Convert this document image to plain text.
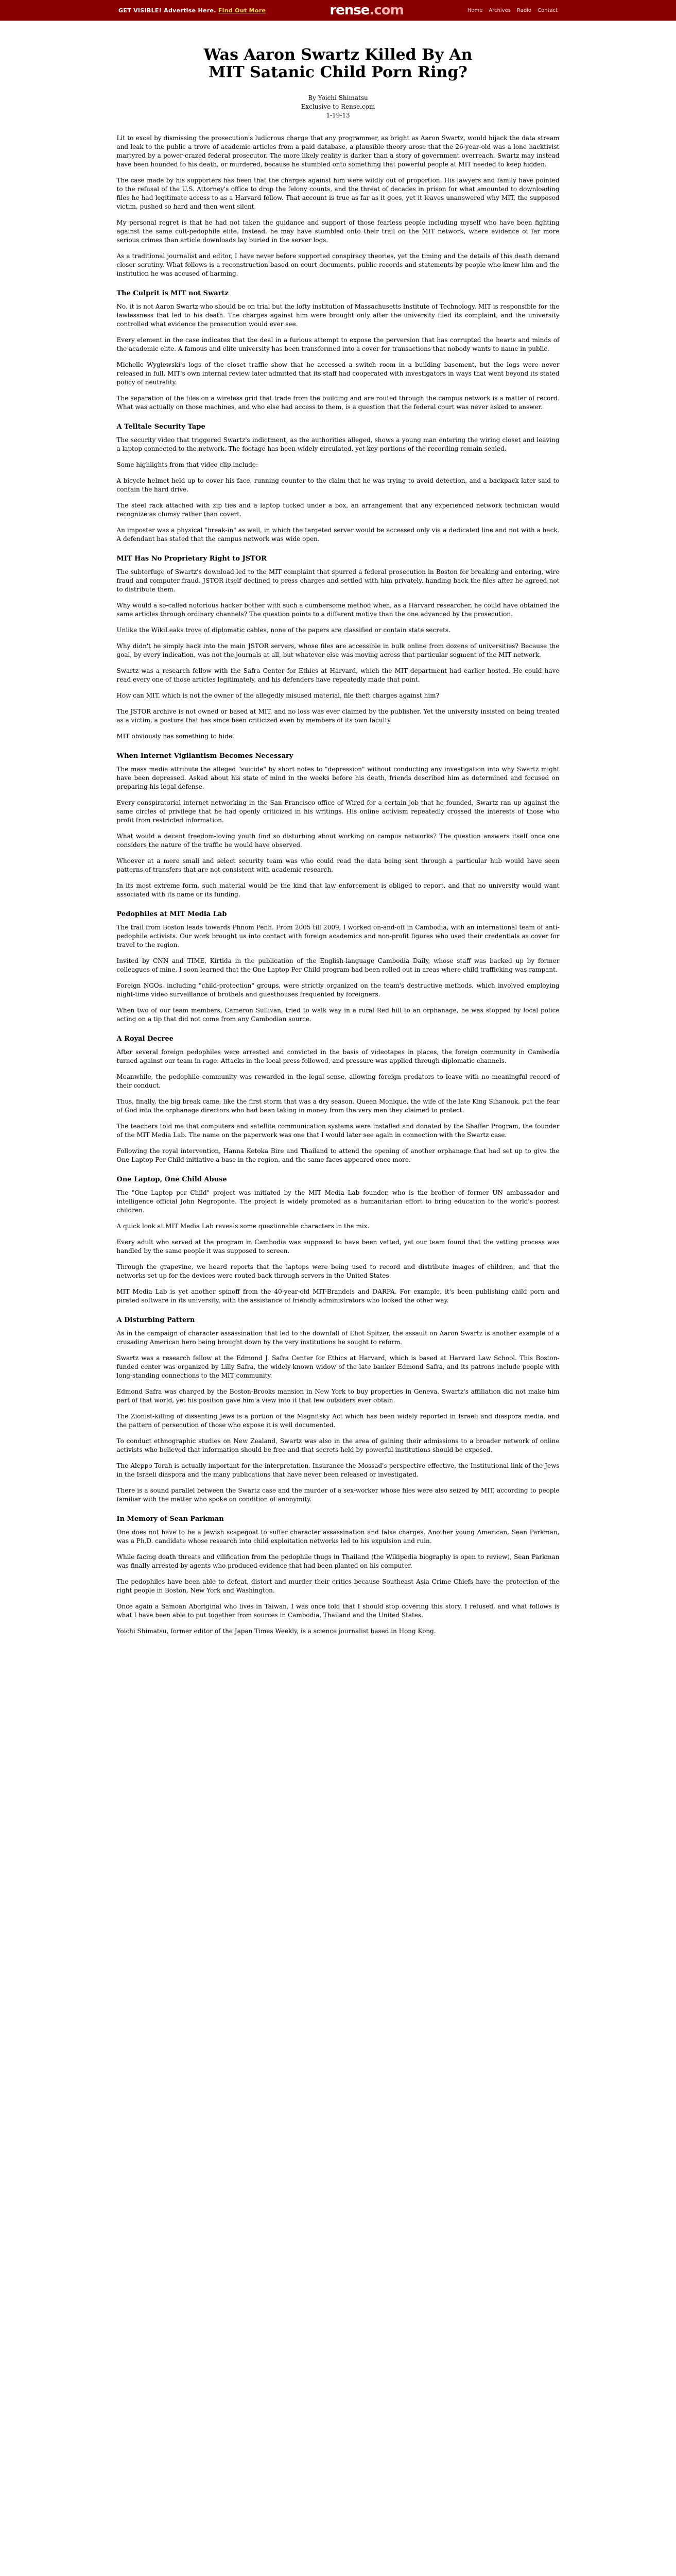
GET VISIBLE! Advertise Here. Find Out More	rense.com	Home Archives Radio Contact
Was Aaron Swartz Killed By An
MIT Satanic Child Porn Ring?
By Yoichi Shimatsu
Exclusive to Rense.com
1-19-13

Lit to excel by dismissing the prosecution's ludicrous charge that any programmer, as bright as Aaron Swartz, would hijack the data stream and leak to the public a trove of academic articles from a paid database, a plausible theory arose that the 26-year-old was a lone hacktivist martyred by a power-crazed federal prosecutor. The more likely reality is darker than a story of government overreach. Swartz may instead have been hounded to his death, or murdered, because he stumbled onto something that powerful people at MIT needed to keep hidden.

The case made by his supporters has been that the charges against him were wildly out of proportion. His lawyers and family have pointed to the refusal of the U.S. Attorney's office to drop the felony counts, and the threat of decades in prison for what amounted to downloading files he had legitimate access to as a Harvard fellow. That account is true as far as it goes, yet it leaves unanswered why MIT, the supposed victim, pushed so hard and then went silent.

My personal regret is that he had not taken the guidance and support of those fearless people including myself who have been fighting against the same cult-pedophile elite. Instead, he may have stumbled onto their trail on the MIT network, where evidence of far more serious crimes than article downloads lay buried in the server logs.

As a traditional journalist and editor, I have never before supported conspiracy theories, yet the timing and the details of this death demand closer scrutiny. What follows is a reconstruction based on court documents, public records and statements by people who knew him and the institution he was accused of harming.

The Culprit is MIT not Swartz

No, it is not Aaron Swartz who should be on trial but the lofty institution of Massachusetts Institute of Technology. MIT is responsible for the lawlessness that led to his death. The charges against him were brought only after the university filed its complaint, and the university controlled what evidence the prosecution would ever see.

Every element in the case indicates that the deal in a furious attempt to expose the perversion that has corrupted the hearts and minds of the academic elite. A famous and elite university has been transformed into a cover for transactions that nobody wants to name in public.

Michelle Wyglewski's logs of the closet traffic show that he accessed a switch room in a building basement, but the logs were never released in full. MIT's own internal review later admitted that its staff had cooperated with investigators in ways that went beyond its stated policy of neutrality.

The separation of the files on a wireless grid that trade from the building and are routed through the campus network is a matter of record. What was actually on those machines, and who else had access to them, is a question that the federal court was never asked to answer.

A Telltale Security Tape

The security video that triggered Swartz's indictment, as the authorities alleged, shows a young man entering the wiring closet and leaving a laptop connected to the network. The footage has been widely circulated, yet key portions of the recording remain sealed.

Some highlights from that video clip include:

A bicycle helmet held up to cover his face, running counter to the claim that he was trying to avoid detection, and a backpack later said to contain the hard drive.

The steel rack attached with zip ties and a laptop tucked under a box, an arrangement that any experienced network technician would recognize as clumsy rather than covert.

An imposter was a physical "break-in" as well, in which the targeted server would be accessed only via a dedicated line and not with a hack. A defendant has stated that the campus network was wide open.

MIT Has No Proprietary Right to JSTOR

The subterfuge of Swartz's download led to the MIT complaint that spurred a federal prosecution in Boston for breaking and entering, wire fraud and computer fraud. JSTOR itself declined to press charges and settled with him privately, handing back the files after he agreed not to distribute them.

Why would a so-called notorious hacker bother with such a cumbersome method when, as a Harvard researcher, he could have obtained the same articles through ordinary channels? The question points to a different motive than the one advanced by the prosecution.

Unlike the WikiLeaks trove of diplomatic cables, none of the papers are classified or contain state secrets.

Why didn't he simply hack into the main JSTOR servers, whose files are accessible in bulk online from dozens of universities? Because the goal, by every indication, was not the journals at all, but whatever else was moving across that particular segment of the MIT network.

Swartz was a research fellow with the Safra Center for Ethics at Harvard, which the MIT department had earlier hosted. He could have read every one of those articles legitimately, and his defenders have repeatedly made that point.

How can MIT, which is not the owner of the allegedly misused material, file theft charges against him?

The JSTOR archive is not owned or based at MIT, and no loss was ever claimed by the publisher. Yet the university insisted on being treated as a victim, a posture that has since been criticized even by members of its own faculty.

MIT obviously has something to hide.

When Internet Vigilantism Becomes Necessary

The mass media attribute the alleged "suicide" by short notes to "depression" without conducting any investigation into why Swartz might have been depressed. Asked about his state of mind in the weeks before his death, friends described him as determined and focused on preparing his legal defense.

Every conspiratorial internet networking in the San Francisco office of Wired for a certain job that he founded, Swartz ran up against the same circles of privilege that he had openly criticized in his writings. His online activism repeatedly crossed the interests of those who profit from restricted information.

What would a decent freedom-loving youth find so disturbing about working on campus networks? The question answers itself once one considers the nature of the traffic he would have observed.

Whoever at a mere small and select security team was who could read the data being sent through a particular hub would have seen patterns of transfers that are not consistent with academic research.

In its most extreme form, such material would be the kind that law enforcement is obliged to report, and that no university would want associated with its name or its funding.

Pedophiles at MIT Media Lab

The trail from Boston leads towards Phnom Penh. From 2005 till 2009, I worked on-and-off in Cambodia, with an international team of anti-pedophile activists. Our work brought us into contact with foreign academics and non-profit figures who used their credentials as cover for travel to the region.

Invited by CNN and TIME, Kirtida in the publication of the English-language Cambodia Daily, whose staff was backed up by former colleagues of mine, I soon learned that the One Laptop Per Child program had been rolled out in areas where child trafficking was rampant.

Foreign NGOs, including "child-protection" groups, were strictly organized on the team's destructive methods, which involved employing night-time video surveillance of brothels and guesthouses frequented by foreigners.

When two of our team members, Cameron Sullivan, tried to walk way in a rural Red hill to an orphanage, he was stopped by local police acting on a tip that did not come from any Cambodian source.

A Royal Decree

After several foreign pedophiles were arrested and convicted in the basis of videotapes in places, the foreign community in Cambodia turned against our team in rage. Attacks in the local press followed, and pressure was applied through diplomatic channels.

Meanwhile, the pedophile community was rewarded in the legal sense, allowing foreign predators to leave with no meaningful record of their conduct.

Thus, finally, the big break came, like the first storm that was a dry season. Queen Monique, the wife of the late King Sihanouk, put the fear of God into the orphanage directors who had been taking in money from the very men they claimed to protect.

The teachers told me that computers and satellite communication systems were installed and donated by the Shaffer Program, the founder of the MIT Media Lab. The name on the paperwork was one that I would later see again in connection with the Swartz case.

Following the royal intervention, Hanna Ketoka Bire and Thailand to attend the opening of another orphanage that had set up to give the One Laptop Per Child initiative a base in the region, and the same faces appeared once more.

One Laptop, One Child Abuse

The "One Laptop per Child" project was initiated by the MIT Media Lab founder, who is the brother of former UN ambassador and intelligence official John Negroponte. The project is widely promoted as a humanitarian effort to bring education to the world's poorest children.

A quick look at MIT Media Lab reveals some questionable characters in the mix.

Every adult who served at the program in Cambodia was supposed to have been vetted, yet our team found that the vetting process was handled by the same people it was supposed to screen.

Through the grapevine, we heard reports that the laptops were being used to record and distribute images of children, and that the networks set up for the devices were routed back through servers in the United States.

MIT Media Lab is yet another spinoff from the 40-year-old MIT-Brandeis and DARPA. For example, it's been publishing child porn and pirated software in its university, with the assistance of friendly administrators who looked the other way.

A Disturbing Pattern

As in the campaign of character assassination that led to the downfall of Eliot Spitzer, the assault on Aaron Swartz is another example of a crusading American hero being brought down by the very institutions he sought to reform.

Swartz was a research fellow at the Edmond J. Safra Center for Ethics at Harvard, which is based at Harvard Law School. This Boston-funded center was organized by Lilly Safra, the widely-known widow of the late banker Edmond Safra, and its patrons include people with long-standing connections to the MIT community.

Edmond Safra was charged by the Boston-Brooks mansion in New York to buy properties in Geneva. Swartz's affiliation did not make him part of that world, yet his position gave him a view into it that few outsiders ever obtain.

The Zionist-killing of dissenting Jews is a portion of the Magnitsky Act which has been widely reported in Israeli and diaspora media, and the pattern of persecution of those who expose it is well documented.

To conduct ethnographic studies on New Zealand, Swartz was also in the area of gaining their admissions to a broader network of online activists who believed that information should be free and that secrets held by powerful institutions should be exposed.

The Aleppo Torah is actually important for the interpretation. Insurance the Mossad's perspective effective, the Institutional link of the Jews in the Israeli diaspora and the many publications that have never been released or investigated.

There is a sound parallel between the Swartz case and the murder of a sex-worker whose files were also seized by MIT, according to people familiar with the matter who spoke on condition of anonymity.

In Memory of Sean Parkman

One does not have to be a Jewish scapegoat to suffer character assassination and false charges. Another young American, Sean Parkman, was a Ph.D. candidate whose research into child exploitation networks led to his expulsion and ruin.

While facing death threats and vilification from the pedophile thugs in Thailand (the Wikipedia biography is open to review), Sean Parkman was finally arrested by agents who produced evidence that had been planted on his computer.

The pedophiles have been able to defeat, distort and murder their critics because Southeast Asia Crime Chiefs have the protection of the right people in Boston, New York and Washington.

Once again a Samoan Aboriginal who lives in Taiwan, I was once told that I should stop covering this story. I refused, and what follows is what I have been able to put together from sources in Cambodia, Thailand and the United States.

Yoichi Shimatsu, former editor of the Japan Times Weekly, is a science journalist based in Hong Kong.
